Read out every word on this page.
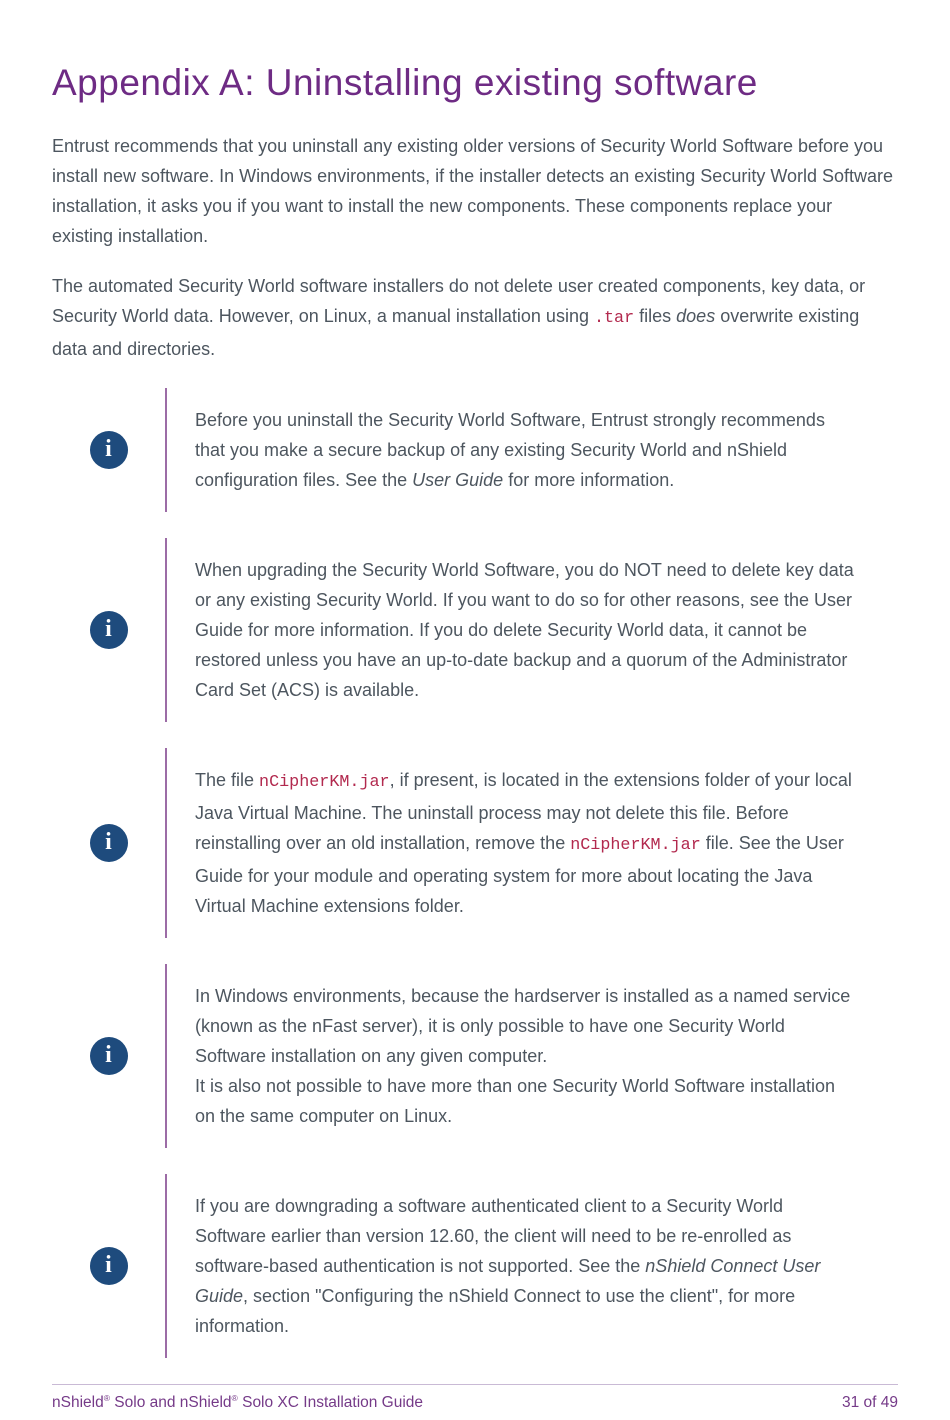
Appendix A: Uninstalling existing software

Entrust recommends that you uninstall any existing older versions of Security World Software before you install new software. In Windows environments, if the installer detects an existing Security World Software installation, it asks you if you want to install the new components. These components replace your existing installation.

The automated Security World software installers do not delete user created components, key data, or Security World data. However, on Linux, a manual installation using .tar files does overwrite existing data and directories.

i
Before you uninstall the Security World Software, Entrust strongly recommends that you make a secure backup of any existing Security World and nShield configuration files. See the User Guide for more information.
i
When upgrading the Security World Software, you do NOT need to delete key data or any existing Security World. If you want to do so for other reasons, see the User Guide for more information. If you do delete Security World data, it cannot be restored unless you have an up-to-date backup and a quorum of the Administrator Card Set (ACS) is available.
i
The file nCipherKM.jar, if present, is located in the extensions folder of your local Java Virtual Machine. The uninstall process may not delete this file. Before reinstalling over an old installation, remove the nCipherKM.jar file. See the User Guide for your module and operating system for more about locating the Java Virtual Machine extensions folder.
i
In Windows environments, because the hardserver is installed as a named service (known as the nFast server), it is only possible to have one Security World Software installation on any given computer.
It is also not possible to have more than one Security World Software installation on the same computer on Linux.
i
If you are downgrading a software authenticated client to a Security World Software earlier than version 12.60, the client will need to be re-enrolled as software-based authentication is not supported. See the nShield Connect User Guide, section "Configuring the nShield Connect to use the client", for more information.
nShield® Solo and nShield® Solo XC Installation Guide	31 of 49
